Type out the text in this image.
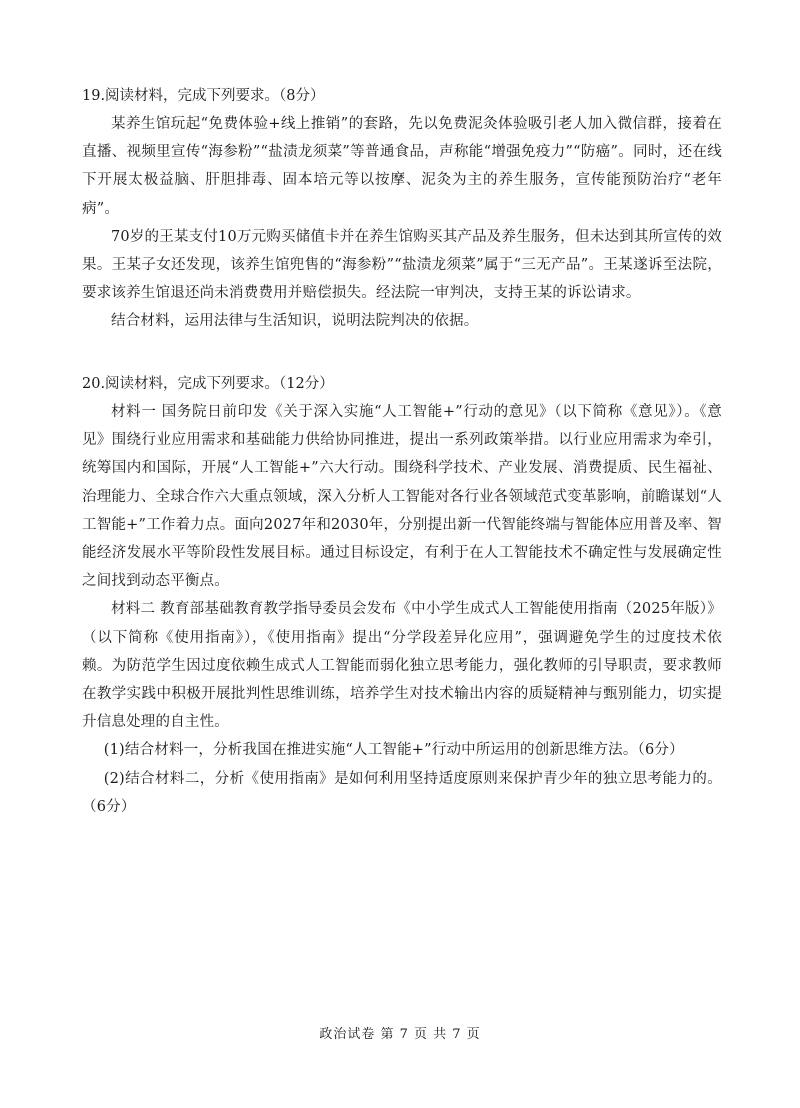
19.阅读材料，完成下列要求。（8分）

某养生馆玩起“免费体验+线上推销”的套路，先以免费泥灸体验吸引老人加入微信群，接着在直播、视频里宣传“海参粉”“盐渍龙须菜”等普通食品，声称能“增强免疫力”“防癌”。同时，还在线下开展太极益脑、肝胆排毒、固本培元等以按摩、泥灸为主的养生服务，宣传能预防治疗“老年病”。

70岁的王某支付10万元购买储值卡并在养生馆购买其产品及养生服务，但未达到其所宣传的效果。王某子女还发现，该养生馆兜售的“海参粉”“盐渍龙须菜”属于“三无产品”。王某遂诉至法院，要求该养生馆退还尚未消费费用并赔偿损失。经法院一审判决，支持王某的诉讼请求。

结合材料，运用法律与生活知识，说明法院判决的依据。

20.阅读材料，完成下列要求。（12分）

材料一 国务院日前印发《关于深入实施“人工智能+”行动的意见》（以下简称《意见》）。《意见》围绕行业应用需求和基础能力供给协同推进，提出一系列政策举措。以行业应用需求为牵引，统筹国内和国际，开展“人工智能+”六大行动。围绕科学技术、产业发展、消费提质、民生福祉、治理能力、全球合作六大重点领域，深入分析人工智能对各行业各领域范式变革影响，前瞻谋划“人工智能+”工作着力点。面向2027年和2030年，分别提出新一代智能终端与智能体应用普及率、智能经济发展水平等阶段性发展目标。通过目标设定，有利于在人工智能技术不确定性与发展确定性之间找到动态平衡点。

材料二 教育部基础教育教学指导委员会发布《中小学生成式人工智能使用指南（2025年版）》（以下简称《使用指南》），《使用指南》提出“分学段差异化应用”，强调避免学生的过度技术依赖。为防范学生因过度依赖生成式人工智能而弱化独立思考能力，强化教师的引导职责，要求教师在教学实践中积极开展批判性思维训练，培养学生对技术输出内容的质疑精神与甄别能力，切实提升信息处理的自主性。

(1)结合材料一，分析我国在推进实施“人工智能+”行动中所运用的创新思维方法。（6分）

(2)结合材料二，分析《使用指南》是如何利用坚持适度原则来保护青少年的独立思考能力的。（6分）

政治试卷 第 7 页 共 7 页
